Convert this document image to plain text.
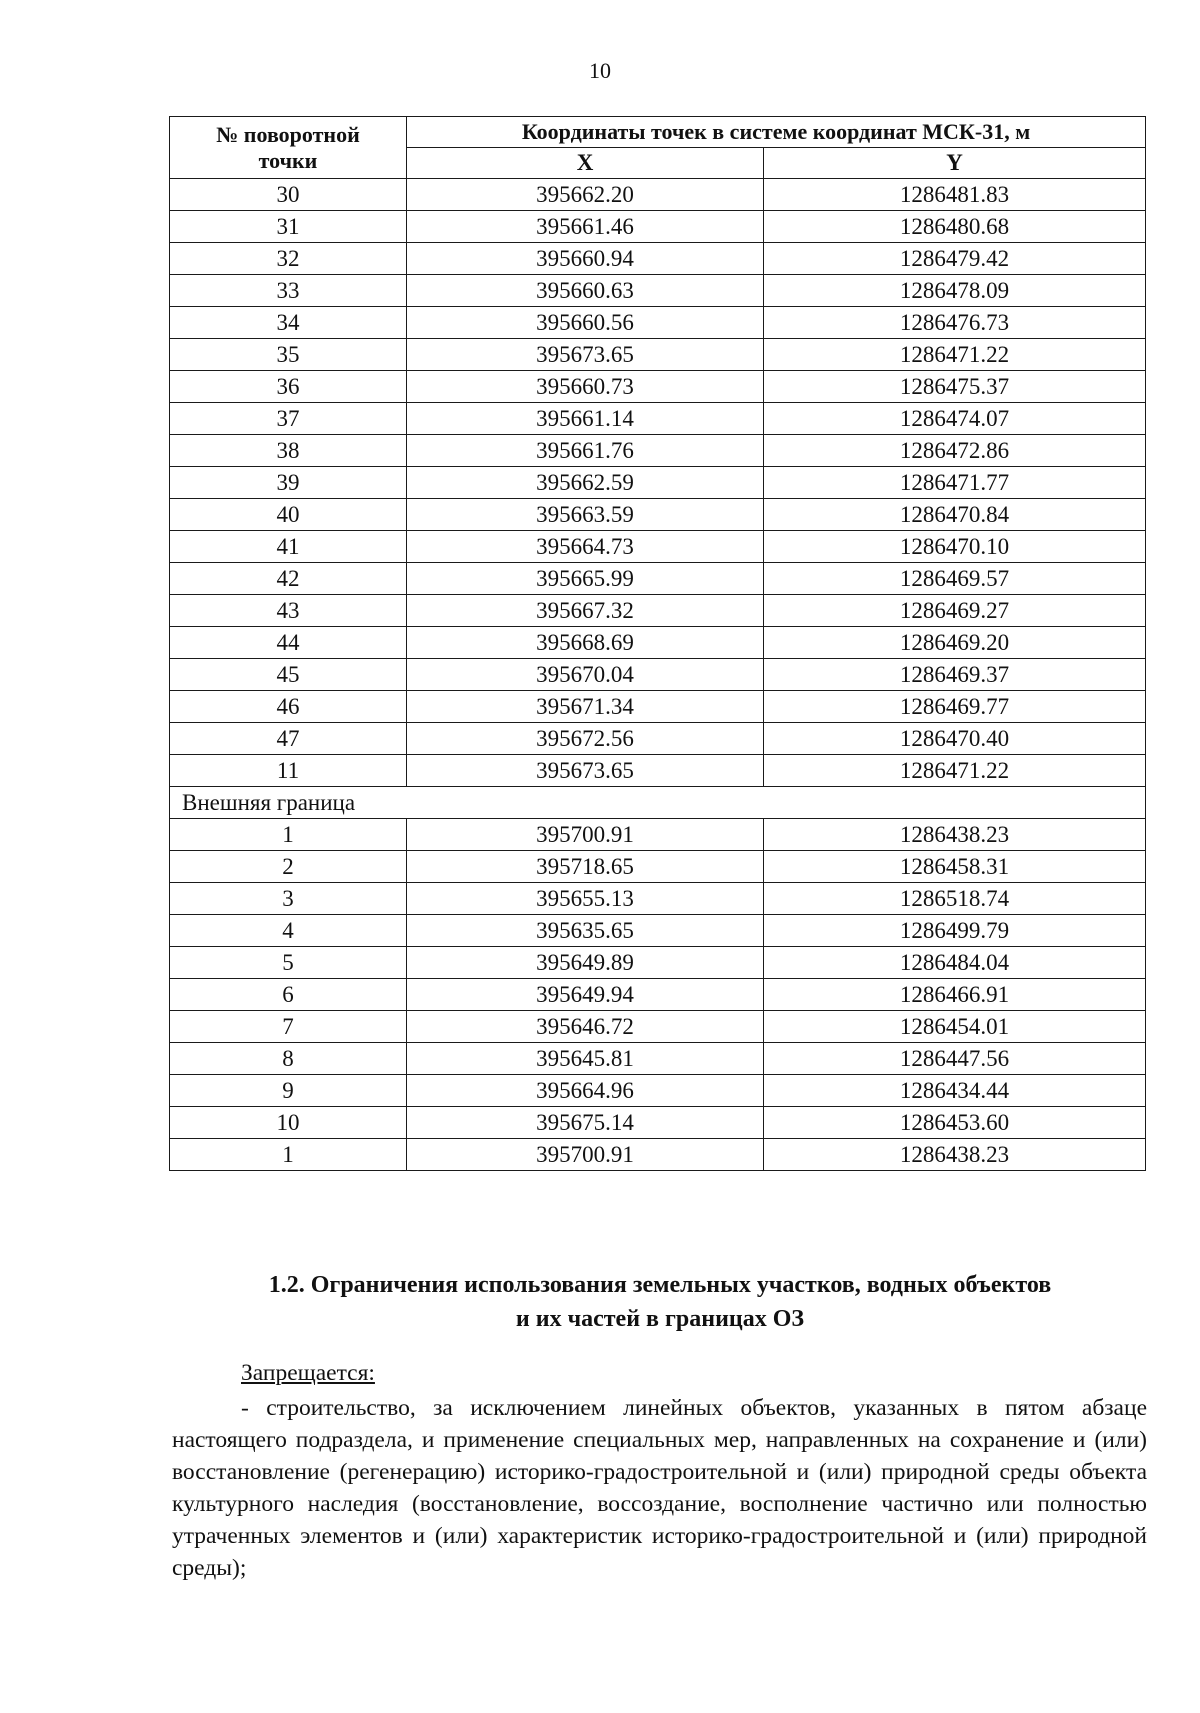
10
№ поворотной
точки	Координаты точек в системе координат МСК-31, м	
	X	Y
30	395662.20	1286481.83
31	395661.46	1286480.68
32	395660.94	1286479.42
33	395660.63	1286478.09
34	395660.56	1286476.73
35	395673.65	1286471.22
36	395660.73	1286475.37
37	395661.14	1286474.07
38	395661.76	1286472.86
39	395662.59	1286471.77
40	395663.59	1286470.84
41	395664.73	1286470.10
42	395665.99	1286469.57
43	395667.32	1286469.27
44	395668.69	1286469.20
45	395670.04	1286469.37
46	395671.34	1286469.77
47	395672.56	1286470.40
11	395673.65	1286471.22
Внешняя граница		
1	395700.91	1286438.23
2	395718.65	1286458.31
3	395655.13	1286518.74
4	395635.65	1286499.79
5	395649.89	1286484.04
6	395649.94	1286466.91
7	395646.72	1286454.01
8	395645.81	1286447.56
9	395664.96	1286434.44
10	395675.14	1286453.60
1	395700.91	1286438.23
1.2. Ограничения использования земельных участков, водных объектов
и их частей в границах ОЗ
Запрещается:
- строительство, за исключением линейных объектов, указанных в пятом абзаце настоящего подраздела, и применение специальных мер, направленных на сохранение и (или) восстановление (регенерацию) историко-градостроительной и (или) природной среды объекта культурного наследия (восстановление, воссоздание, восполнение частично или полностью утраченных элементов и (или) характеристик историко-градостроительной и (или) природной среды);
